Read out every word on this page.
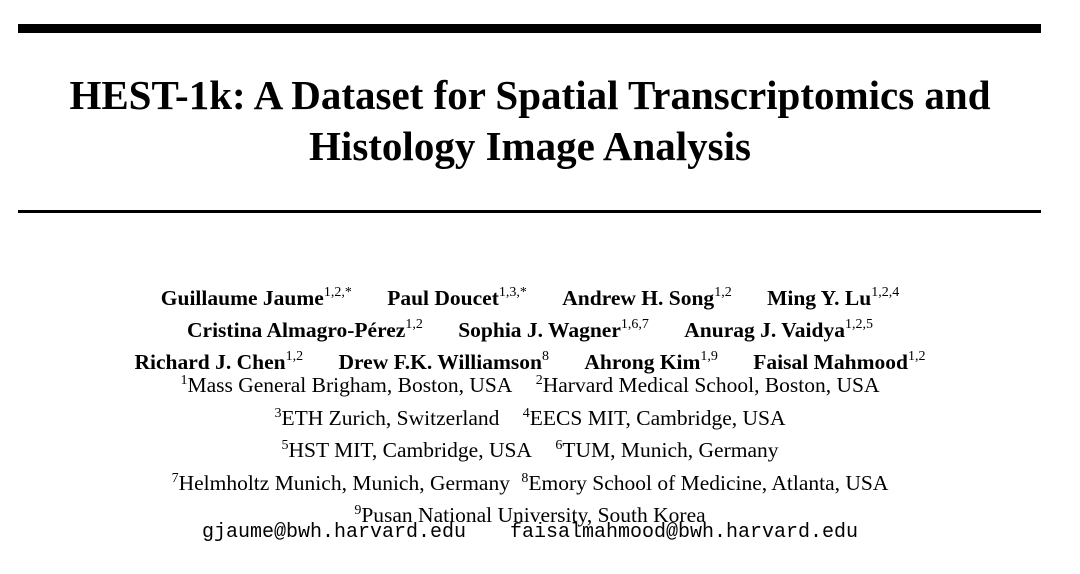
HEST-1k: A Dataset for Spatial Transcriptomics and
Histology Image Analysis
Guillaume Jaume$^{1,2,*}$ Paul Doucet$^{1,3,*}$ Andrew H. Song$^{1,2}$ Ming Y. Lu$^{1,2,4}$
Cristina Almagro-Pérez$^{1,2}$ Sophia J. Wagner$^{1,6,7}$ Anurag J. Vaidya$^{1,2,5}$
Richard J. Chen$^{1,2}$ Drew F.K. Williamson$^8$ Ahrong Kim$^{1,9}$ Faisal Mahmood$^{1,2}$
$^1$Mass General Brigham, Boston, USA $^2$Harvard Medical School, Boston, USA
$^3$ETH Zurich, Switzerland $^4$EECS MIT, Cambridge, USA
$^5$HST MIT, Cambridge, USA $^6$TUM, Munich, Germany
$^7$Helmholtz Munich, Munich, Germany $^8$Emory School of Medicine, Atlanta, USA
$^9$Pusan National University, South Korea
gjaume@bwh.harvard.edu faisalmahmood@bwh.harvard.edu
